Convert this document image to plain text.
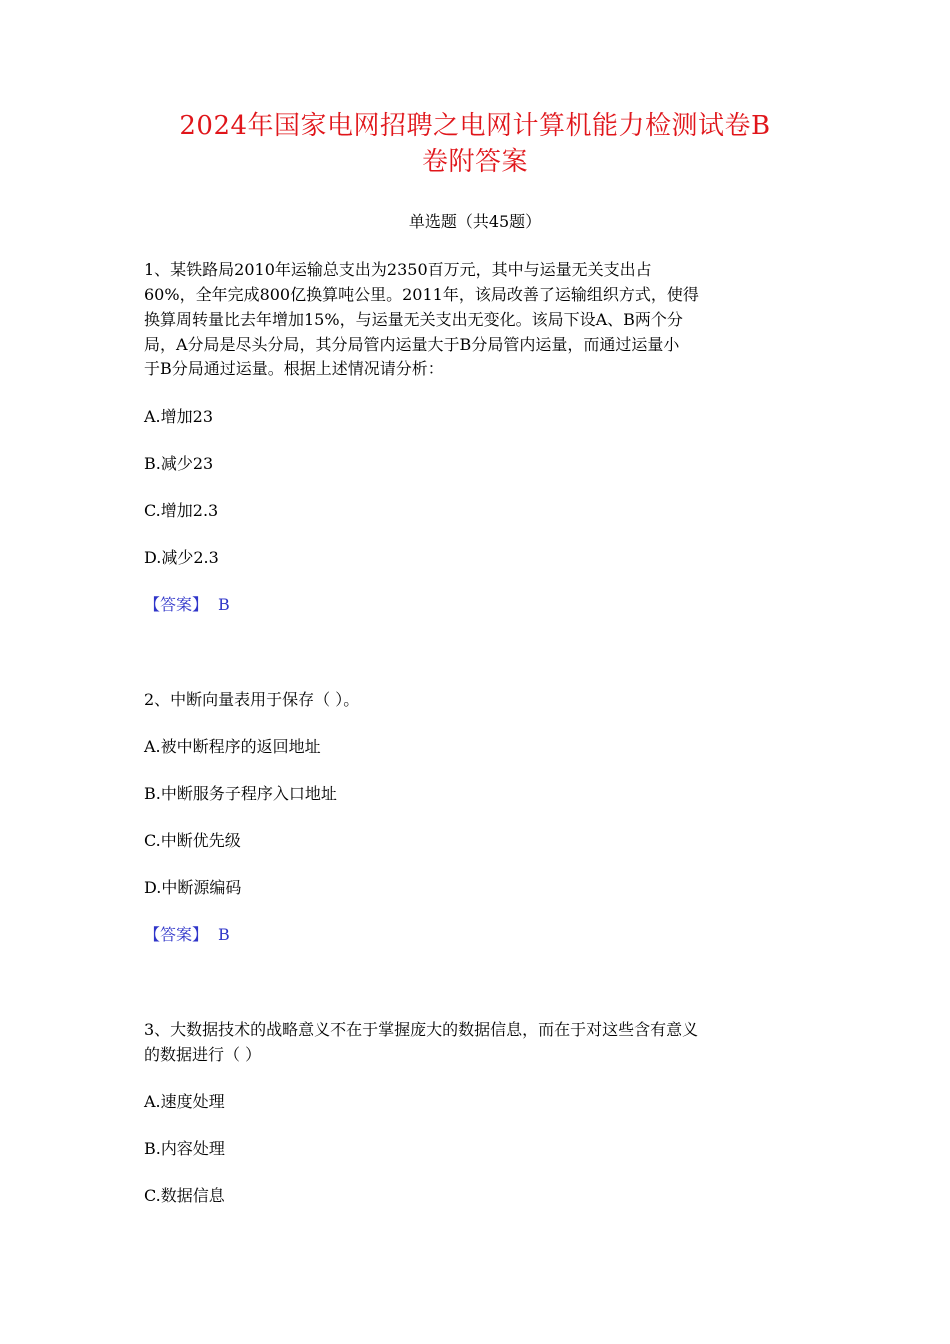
2024年国家电网招聘之电网计算机能力检测试卷B
卷附答案
单选题（共45题）
1、某铁路局2010年运输总支出为2350百万元，其中与运量无关支出占
60%，全年完成800亿换算吨公里。2011年，该局改善了运输组织方式，使得
换算周转量比去年增加15%，与运量无关支出无变化。该局下设A、B两个分
局，A分局是尽头分局，其分局管内运量大于B分局管内运量，而通过运量小
于B分局通过运量。根据上述情况请分析：
A.增加23
B.减少23
C.增加2.3
D.减少2.3
【答案】 B
2、中断向量表用于保存（ ）。
A.被中断程序的返回地址
B.中断服务子程序入口地址
C.中断优先级
D.中断源编码
【答案】 B
3、大数据技术的战略意义不在于掌握庞大的数据信息，而在于对这些含有意义
的数据进行（ ）
A.速度处理
B.内容处理
C.数据信息
